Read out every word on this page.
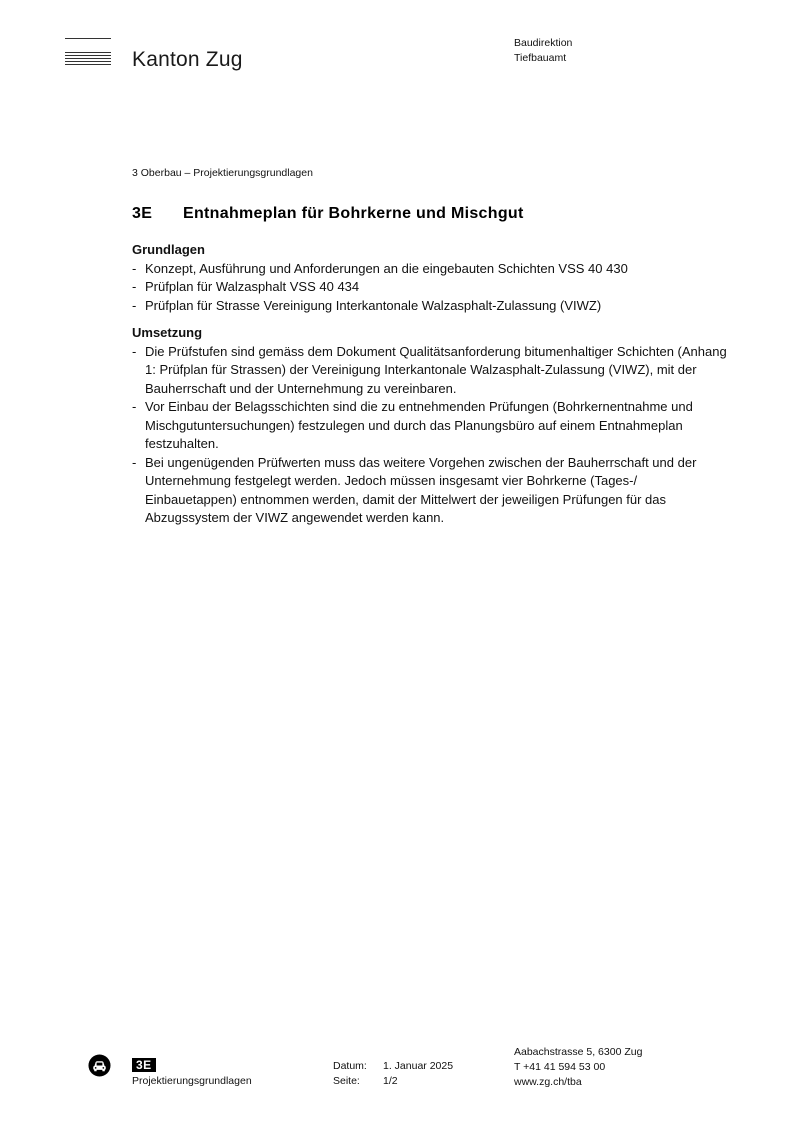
Kanton Zug
Baudirektion
Tiefbauamt
3 Oberbau – Projektierungsgrundlagen
3E Entnahmeplan für Bohrkerne und Mischgut

Grundlagen

- Konzept, Ausführung und Anforderungen an die eingebauten Schichten VSS 40 430
- Prüfplan für Walzasphalt VSS 40 434
- Prüfplan für Strasse Vereinigung Interkantonale Walzasphalt-Zulassung (VIWZ)

Umsetzung

- Die Prüfstufen sind gemäss dem Dokument Qualitätsanforderung bitumenhaltiger Schichten (Anhang 1: Prüfplan für Strassen) der Vereinigung Interkantonale Walzasphalt-Zulassung (VIWZ), mit der Bauherrschaft und der Unternehmung zu vereinbaren.
- Vor Einbau der Belagsschichten sind die zu entnehmenden Prüfungen (Bohrkernentnahme und Mischgutuntersuchungen) festzulegen und durch das Planungsbüro auf einem Entnahmeplan festzuhalten.
- Bei ungenügenden Prüfwerten muss das weitere Vorgehen zwischen der Bauherrschaft und der Unternehmung festgelegt werden. Jedoch müssen insgesamt vier Bohrkerne (Tages-/ Einbauetappen) entnommen werden, damit der Mittelwert der jeweiligen Prüfungen für das Abzugssystem der VIWZ angewendet werden kann.
3E
Projektierungsgrundlagen
Datum: 1. Januar 2025
Seite: 1/2
Aabachstrasse 5, 6300 Zug
T +41 41 594 53 00
www.zg.ch/tba
